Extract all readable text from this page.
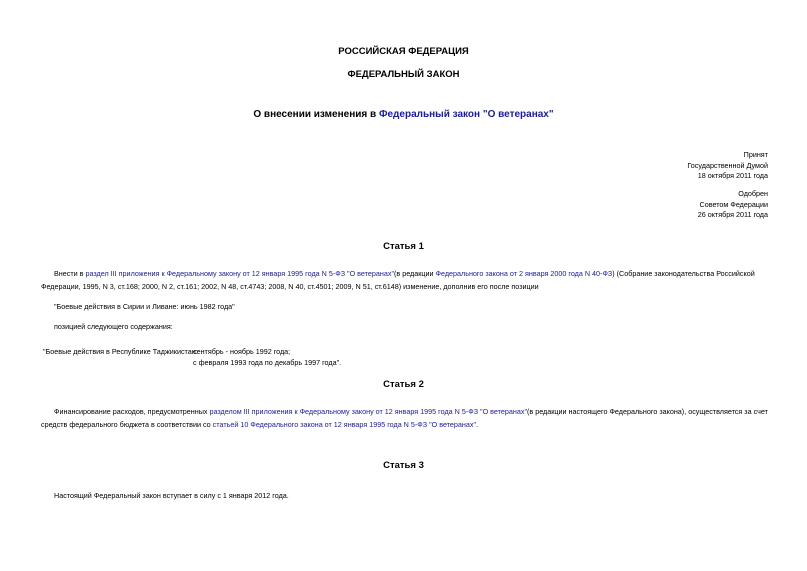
РОССИЙСКАЯ ФЕДЕРАЦИЯ
ФЕДЕРАЛЬНЫЙ ЗАКОН
О внесении изменения в Федеральный закон "О ветеранах"
Принят
Государственной Думой
18 октября 2011 года
Одобрен
Советом Федерации
26 октября 2011 года
Статья 1
Внести в раздел III приложения к Федеральному закону от 12 января 1995 года N 5-ФЗ "О ветеранах"(в редакции Федерального закона от 2 января 2000 года N 40-ФЗ) (Собрание законодательства Российской Федерации, 1995, N 3, ст.168; 2000, N 2, ст.161; 2002, N 48, ст.4743; 2008, N 40, ст.4501; 2009, N 51, ст.6148) изменение, дополнив его после позиции
"Боевые действия в Сирии и Ливане: июнь 1982 года"
позицией следующего содержания:
"Боевые действия в Республике Таджикистан:
сентябрь - ноябрь 1992 года;
с февраля 1993 года по декабрь 1997 года".
Статья 2
Финансирование расходов, предусмотренных разделом III приложения к Федеральному закону от 12 января 1995 года N 5-ФЗ "О ветеранах"(в редакции настоящего Федерального закона), осуществляется за счет средств федерального бюджета в соответствии со статьей 10 Федерального закона от 12 января 1995 года N 5-ФЗ "О ветеранах".
Статья 3
Настоящий Федеральный закон вступает в силу с 1 января 2012 года.
